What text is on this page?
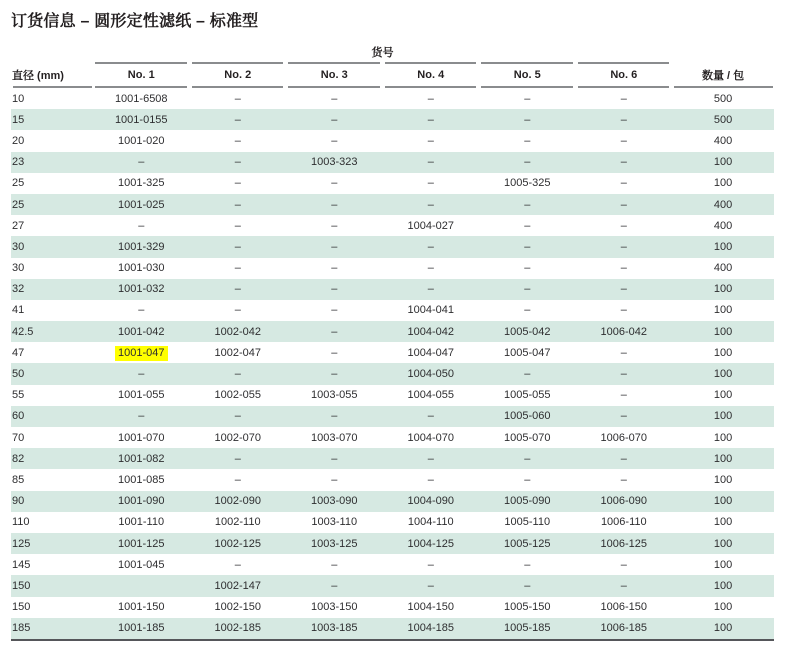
订货信息 – 圆形定性滤纸 – 标准型
	货号						
直径 (mm)	No. 1	No. 2	No. 3	No. 4	No. 5	No. 6	数量 / 包
10	1001-6508	–	–	–	–	–	500
15	1001-0155	–	–	–	–	–	500
20	1001-020	–	–	–	–	–	400
23	–	–	1003-323	–	–	–	100
25	1001-325	–	–	–	1005-325	–	100
25	1001-025	–	–	–	–	–	400
27	–	–	–	1004-027	–	–	400
30	1001-329	–	–	–	–	–	100
30	1001-030	–	–	–	–	–	400
32	1001-032	–	–	–	–	–	100
41	–	–	–	1004-041	–	–	100
42.5	1001-042	1002-042	–	1004-042	1005-042	1006-042	100
47	1001-047	1002-047	–	1004-047	1005-047	–	100
50	–	–	–	1004-050	–	–	100
55	1001-055	1002-055	1003-055	1004-055	1005-055	–	100
60	–	–	–	–	1005-060	–	100
70	1001-070	1002-070	1003-070	1004-070	1005-070	1006-070	100
82	1001-082	–	–	–	–	–	100
85	1001-085	–	–	–	–	–	100
90	1001-090	1002-090	1003-090	1004-090	1005-090	1006-090	100
110	1001-110	1002-110	1003-110	1004-110	1005-110	1006-110	100
125	1001-125	1002-125	1003-125	1004-125	1005-125	1006-125	100
145	1001-045	–	–	–	–	–	100
150		1002-147	–	–	–	–	100
150	1001-150	1002-150	1003-150	1004-150	1005-150	1006-150	100
185	1001-185	1002-185	1003-185	1004-185	1005-185	1006-185	100
